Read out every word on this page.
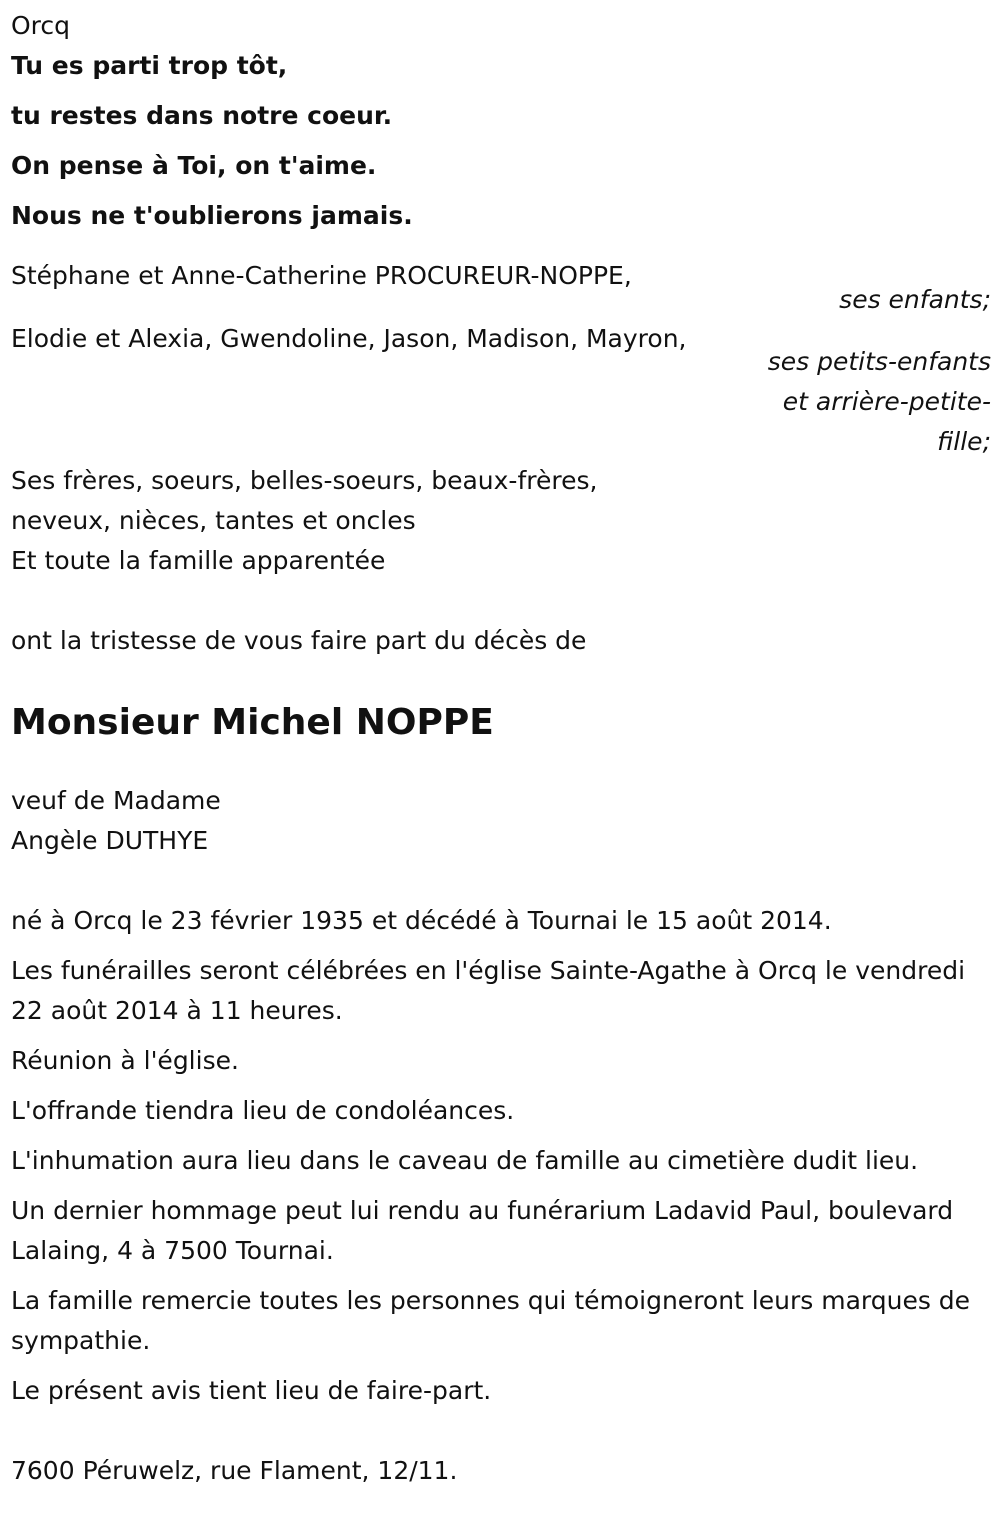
Orcq

Tu es parti trop tôt,

tu restes dans notre coeur.

On pense à Toi, on t'aime.

Nous ne t'oublierons jamais.

Stéphane et Anne-Catherine PROCUREUR-NOPPE,

ses enfants;

Elodie et Alexia, Gwendoline, Jason, Madison, Mayron,

ses petits-enfants et arrière-petite-fille;

Ses frères, soeurs, belles-soeurs, beaux-frères,

neveux, nièces, tantes et oncles

Et toute la famille apparentée

ont la tristesse de vous faire part du décès de

Monsieur Michel NOPPE

veuf de Madame

Angèle DUTHYE

né à Orcq le 23 février 1935 et décédé à Tournai le 15 août 2014.

Les funérailles seront célébrées en l'église Sainte-Agathe à Orcq le vendredi 22 août 2014 à 11 heures.

Réunion à l'église.

L'offrande tiendra lieu de condoléances.

L'inhumation aura lieu dans le caveau de famille au cimetière dudit lieu.

Un dernier hommage peut lui rendu au funérarium Ladavid Paul, boulevard Lalaing, 4 à 7500 Tournai.

La famille remercie toutes les personnes qui témoigneront leurs marques de sympathie.

Le présent avis tient lieu de faire-part.

7600 Péruwelz, rue Flament, 12/11.
